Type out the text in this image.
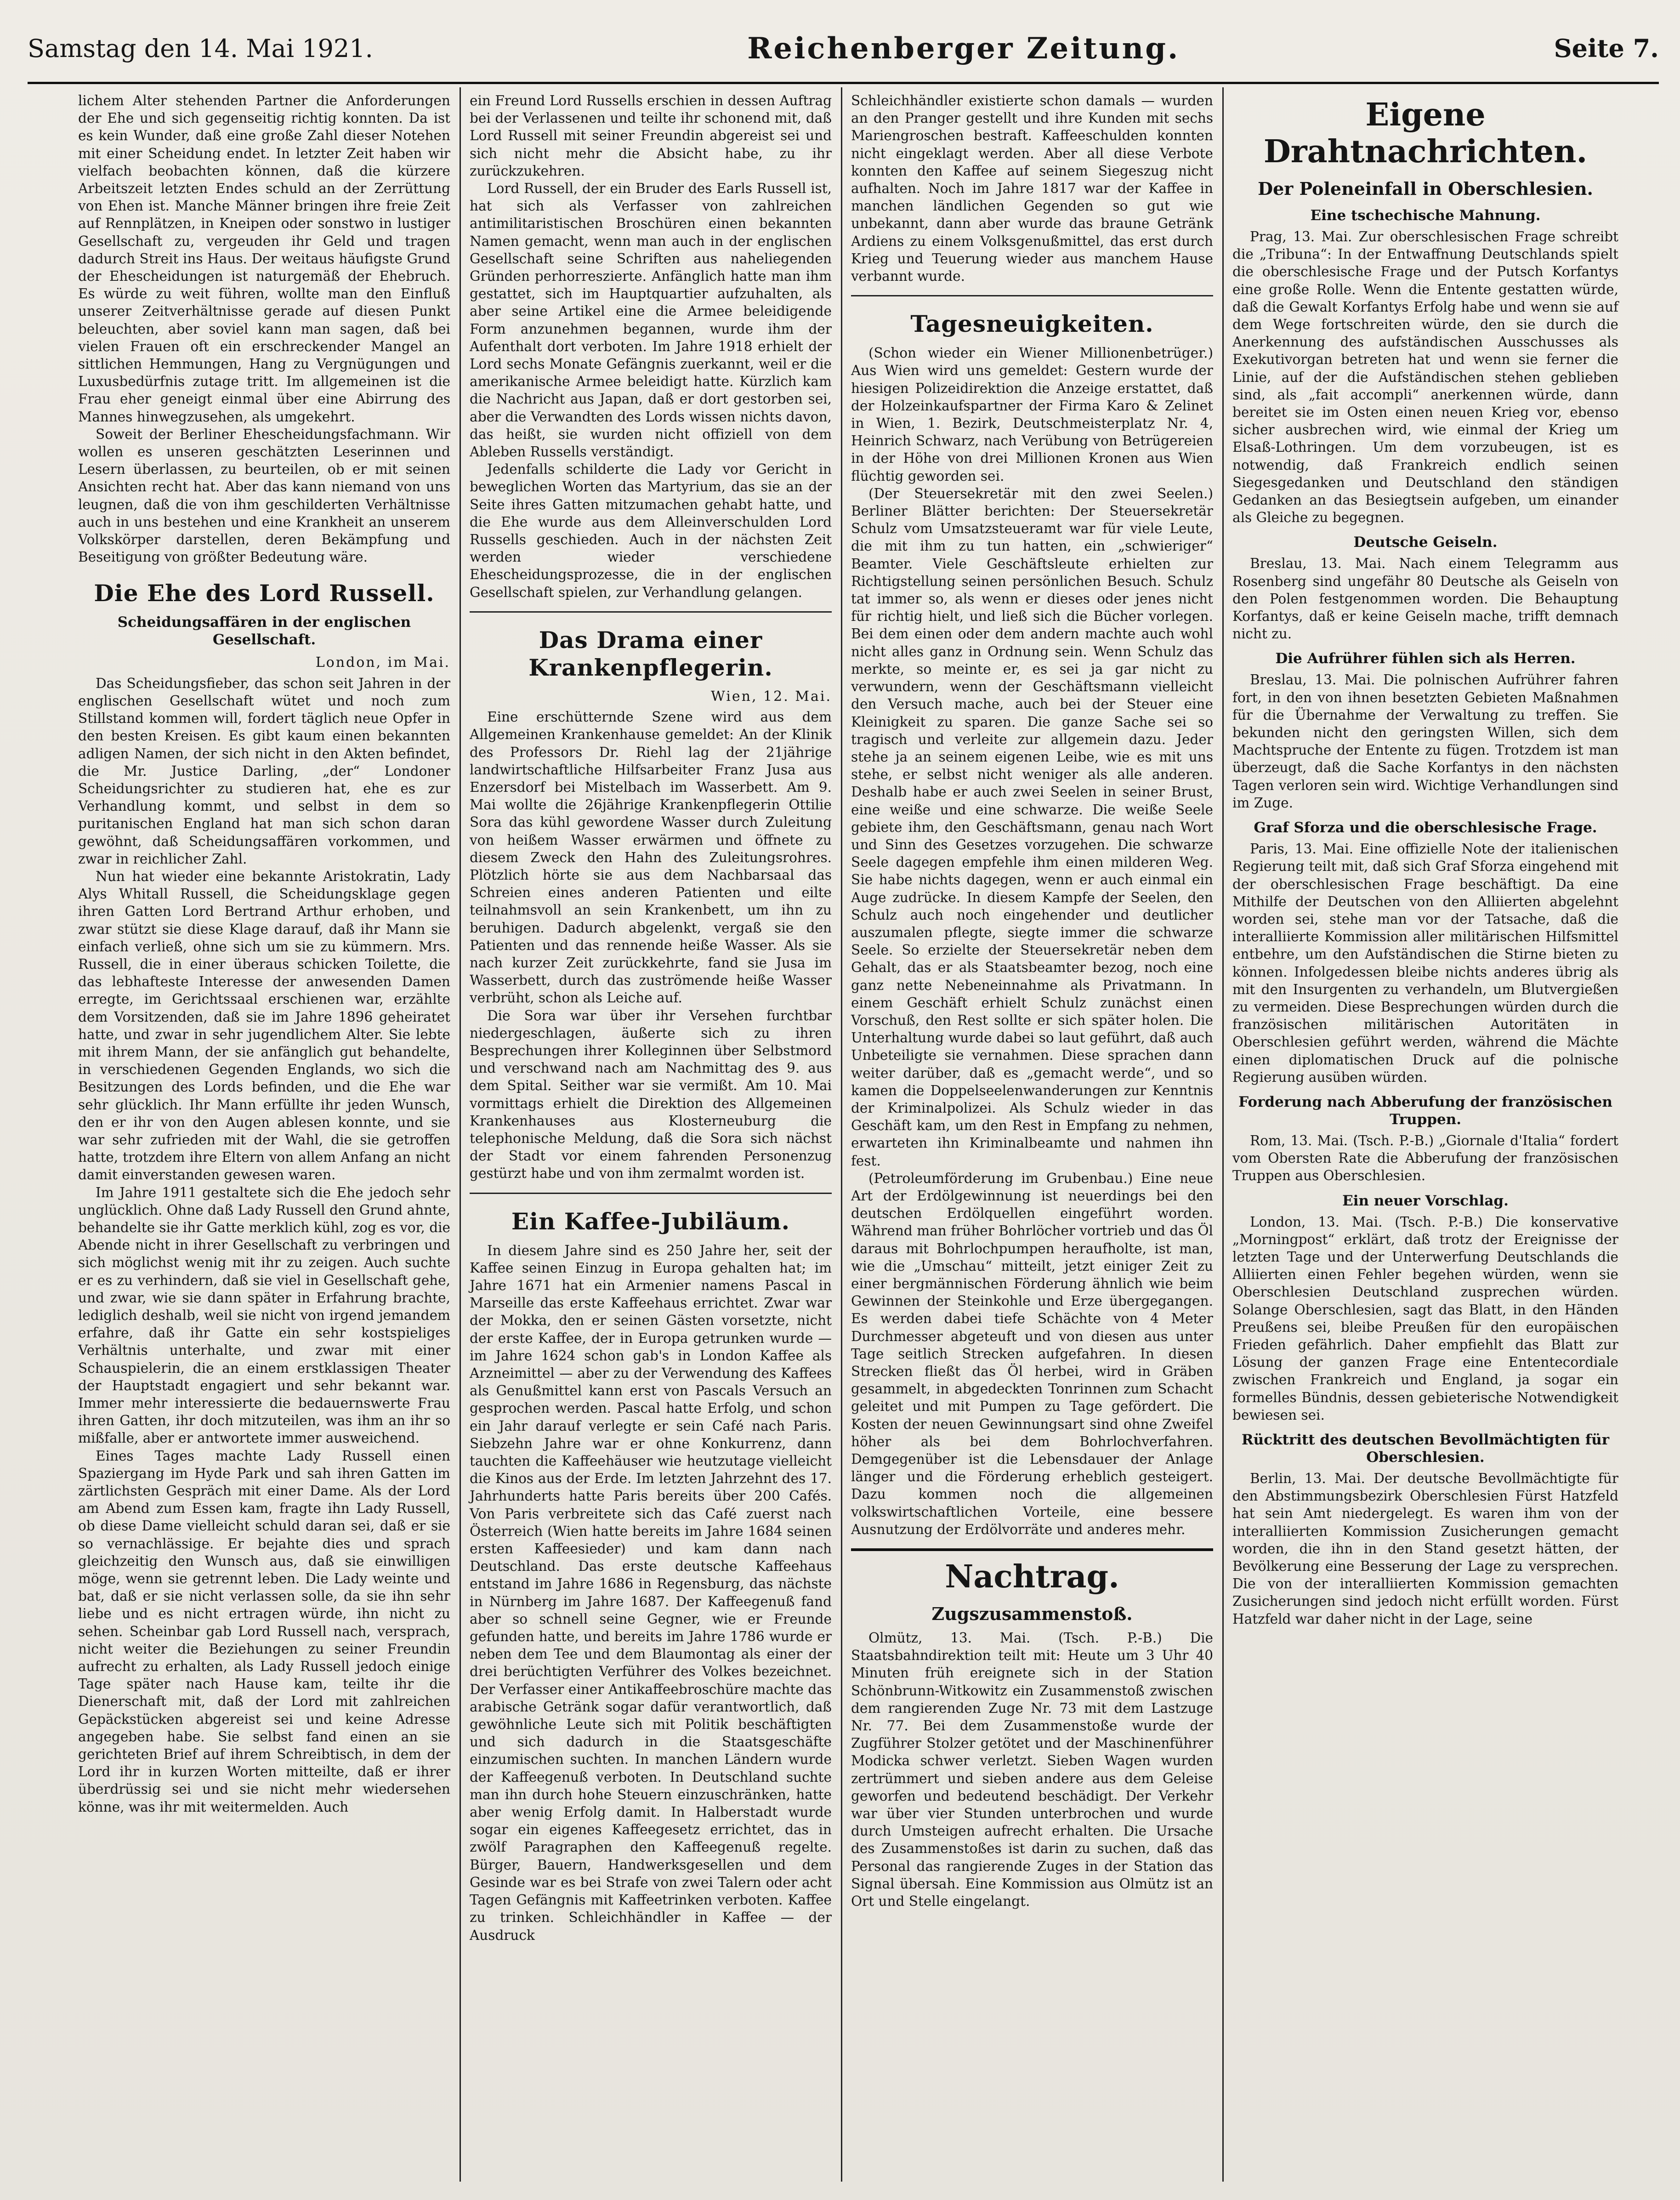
Samstag den 14. Mai 1921.	Reichenberger Zeitung.	Seite 7.

lichem Alter stehenden Partner die Anforderungen der Ehe und sich gegenseitig richtig konnten. Da ist es kein Wunder, daß eine große Zahl dieser Notehen mit einer Scheidung endet. In letzter Zeit haben wir vielfach beobachten können, daß die kürzere Arbeitszeit letzten Endes schuld an der Zerrüttung von Ehen ist. Manche Männer bringen ihre freie Zeit auf Rennplätzen, in Kneipen oder sonstwo in lustiger Gesellschaft zu, vergeuden ihr Geld und tragen dadurch Streit ins Haus. Der weitaus häufigste Grund der Ehescheidungen ist naturgemäß der Ehebruch. Es würde zu weit führen, wollte man den Einfluß unserer Zeitverhältnisse gerade auf diesen Punkt beleuchten, aber soviel kann man sagen, daß bei vielen Frauen oft ein erschreckender Mangel an sittlichen Hemmungen, Hang zu Vergnügungen und Luxusbedürfnis zutage tritt. Im allgemeinen ist die Frau eher geneigt einmal über eine Abirrung des Mannes hinwegzusehen, als umgekehrt.

Soweit der Berliner Ehescheidungsfachmann. Wir wollen es unseren geschätzten Leserinnen und Lesern überlassen, zu beurteilen, ob er mit seinen Ansichten recht hat. Aber das kann niemand von uns leugnen, daß die von ihm geschilderten Verhältnisse auch in uns bestehen und eine Krankheit an unserem Volkskörper darstellen, deren Bekämpfung und Beseitigung von größter Bedeutung wäre.

Die Ehe des Lord Russell.
Scheidungsaffären in der englischen Gesellschaft.
London, im Mai.

Das Scheidungsfieber, das schon seit Jahren in der englischen Gesellschaft wütet und noch zum Stillstand kommen will, fordert täglich neue Opfer in den besten Kreisen. Es gibt kaum einen bekannten adligen Namen, der sich nicht in den Akten befindet, die Mr. Justice Darling, „der“ Londoner Scheidungsrichter zu studieren hat, ehe es zur Verhandlung kommt, und selbst in dem so puritanischen England hat man sich schon daran gewöhnt, daß Scheidungsaffären vorkommen, und zwar in reichlicher Zahl.

Nun hat wieder eine bekannte Aristokratin, Lady Alys Whitall Russell, die Scheidungsklage gegen ihren Gatten Lord Bertrand Arthur erhoben, und zwar stützt sie diese Klage darauf, daß ihr Mann sie einfach verließ, ohne sich um sie zu kümmern. Mrs. Russell, die in einer überaus schicken Toilette, die das lebhafteste Interesse der anwesenden Damen erregte, im Gerichtssaal erschienen war, erzählte dem Vorsitzenden, daß sie im Jahre 1896 geheiratet hatte, und zwar in sehr jugendlichem Alter. Sie lebte mit ihrem Mann, der sie anfänglich gut behandelte, in verschiedenen Gegenden Englands, wo sich die Besitzungen des Lords befinden, und die Ehe war sehr glücklich. Ihr Mann erfüllte ihr jeden Wunsch, den er ihr von den Augen ablesen konnte, und sie war sehr zufrieden mit der Wahl, die sie getroffen hatte, trotzdem ihre Eltern von allem Anfang an nicht damit einverstanden gewesen waren.

Im Jahre 1911 gestaltete sich die Ehe jedoch sehr unglücklich. Ohne daß Lady Russell den Grund ahnte, behandelte sie ihr Gatte merklich kühl, zog es vor, die Abende nicht in ihrer Gesellschaft zu verbringen und sich möglichst wenig mit ihr zu zeigen. Auch suchte er es zu verhindern, daß sie viel in Gesellschaft gehe, und zwar, wie sie dann später in Erfahrung brachte, lediglich deshalb, weil sie nicht von irgend jemandem erfahre, daß ihr Gatte ein sehr kostspieliges Verhältnis unterhalte, und zwar mit einer Schauspielerin, die an einem erstklassigen Theater der Hauptstadt engagiert und sehr bekannt war. Immer mehr interessierte die bedauernswerte Frau ihren Gatten, ihr doch mitzuteilen, was ihm an ihr so mißfalle, aber er antwortete immer ausweichend.

Eines Tages machte Lady Russell einen Spaziergang im Hyde Park und sah ihren Gatten im zärtlichsten Gespräch mit einer Dame. Als der Lord am Abend zum Essen kam, fragte ihn Lady Russell, ob diese Dame vielleicht schuld daran sei, daß er sie so vernachlässige. Er bejahte dies und sprach gleichzeitig den Wunsch aus, daß sie einwilligen möge, wenn sie getrennt leben. Die Lady weinte und bat, daß er sie nicht verlassen solle, da sie ihn sehr liebe und es nicht ertragen würde, ihn nicht zu sehen. Scheinbar gab Lord Russell nach, versprach, nicht weiter die Beziehungen zu seiner Freundin aufrecht zu erhalten, als Lady Russell jedoch einige Tage später nach Hause kam, teilte ihr die Dienerschaft mit, daß der Lord mit zahlreichen Gepäckstücken abgereist sei und keine Adresse angegeben habe. Sie selbst fand einen an sie gerichteten Brief auf ihrem Schreibtisch, in dem der Lord ihr in kurzen Worten mitteilte, daß er ihrer überdrüssig sei und sie nicht mehr wiedersehen könne, was ihr mit weitermelden. Auch

ein Freund Lord Russells erschien in dessen Auftrag bei der Verlassenen und teilte ihr schonend mit, daß Lord Russell mit seiner Freundin abgereist sei und sich nicht mehr die Absicht habe, zu ihr zurückzukehren.

Lord Russell, der ein Bruder des Earls Russell ist, hat sich als Verfasser von zahlreichen antimilitaristischen Broschüren einen bekannten Namen gemacht, wenn man auch in der englischen Gesellschaft seine Schriften aus naheliegenden Gründen perhorreszierte. Anfänglich hatte man ihm gestattet, sich im Hauptquartier aufzuhalten, als aber seine Artikel eine die Armee beleidigende Form anzunehmen begannen, wurde ihm der Aufenthalt dort verboten. Im Jahre 1918 erhielt der Lord sechs Monate Gefängnis zuerkannt, weil er die amerikanische Armee beleidigt hatte. Kürzlich kam die Nachricht aus Japan, daß er dort gestorben sei, aber die Verwandten des Lords wissen nichts davon, das heißt, sie wurden nicht offiziell von dem Ableben Russells verständigt.

Jedenfalls schilderte die Lady vor Gericht in beweglichen Worten das Martyrium, das sie an der Seite ihres Gatten mitzumachen gehabt hatte, und die Ehe wurde aus dem Alleinverschulden Lord Russells geschieden. Auch in der nächsten Zeit werden wieder verschiedene Ehescheidungsprozesse, die in der englischen Gesellschaft spielen, zur Verhandlung gelangen.

Das Drama einer Krankenpflegerin.
Wien, 12. Mai.

Eine erschütternde Szene wird aus dem Allgemeinen Krankenhause gemeldet: An der Klinik des Professors Dr. Riehl lag der 21jährige landwirtschaftliche Hilfsarbeiter Franz Jusa aus Enzersdorf bei Mistelbach im Wasserbett. Am 9. Mai wollte die 26jährige Krankenpflegerin Ottilie Sora das kühl gewordene Wasser durch Zuleitung von heißem Wasser erwärmen und öffnete zu diesem Zweck den Hahn des Zuleitungsrohres. Plötzlich hörte sie aus dem Nachbarsaal das Schreien eines anderen Patienten und eilte teilnahmsvoll an sein Krankenbett, um ihn zu beruhigen. Dadurch abgelenkt, vergaß sie den Patienten und das rennende heiße Wasser. Als sie nach kurzer Zeit zurückkehrte, fand sie Jusa im Wasserbett, durch das zuströmende heiße Wasser verbrüht, schon als Leiche auf.

Die Sora war über ihr Versehen furchtbar niedergeschlagen, äußerte sich zu ihren Besprechungen ihrer Kolleginnen über Selbstmord und verschwand nach am Nachmittag des 9. aus dem Spital. Seither war sie vermißt. Am 10. Mai vormittags erhielt die Direktion des Allgemeinen Krankenhauses aus Klosterneuburg die telephonische Meldung, daß die Sora sich nächst der Stadt vor einem fahrenden Personenzug gestürzt habe und von ihm zermalmt worden ist.

Ein Kaffee-Jubiläum.

In diesem Jahre sind es 250 Jahre her, seit der Kaffee seinen Einzug in Europa gehalten hat; im Jahre 1671 hat ein Armenier namens Pascal in Marseille das erste Kaffeehaus errichtet. Zwar war der Mokka, den er seinen Gästen vorsetzte, nicht der erste Kaffee, der in Europa getrunken wurde — im Jahre 1624 schon gab's in London Kaffee als Arzneimittel — aber zu der Verwendung des Kaffees als Genußmittel kann erst von Pascals Versuch an gesprochen werden. Pascal hatte Erfolg, und schon ein Jahr darauf verlegte er sein Café nach Paris. Siebzehn Jahre war er ohne Konkurrenz, dann tauchten die Kaffeehäuser wie heutzutage vielleicht die Kinos aus der Erde. Im letzten Jahrzehnt des 17. Jahrhunderts hatte Paris bereits über 200 Cafés. Von Paris verbreitete sich das Café zuerst nach Österreich (Wien hatte bereits im Jahre 1684 seinen ersten Kaffeesieder) und kam dann nach Deutschland. Das erste deutsche Kaffeehaus entstand im Jahre 1686 in Regensburg, das nächste in Nürnberg im Jahre 1687. Der Kaffeegenuß fand aber so schnell seine Gegner, wie er Freunde gefunden hatte, und bereits im Jahre 1786 wurde er neben dem Tee und dem Blaumontag als einer der drei berüchtigten Verführer des Volkes bezeichnet. Der Verfasser einer Antikaffeebroschüre machte das arabische Getränk sogar dafür verantwortlich, daß gewöhnliche Leute sich mit Politik beschäftigten und sich dadurch in die Staatsgeschäfte einzumischen suchten. In manchen Ländern wurde der Kaffeegenuß verboten. In Deutschland suchte man ihn durch hohe Steuern einzuschränken, hatte aber wenig Erfolg damit. In Halberstadt wurde sogar ein eigenes Kaffeegesetz errichtet, das in zwölf Paragraphen den Kaffeegenuß regelte. Bürger, Bauern, Handwerksgesellen und dem Gesinde war es bei Strafe von zwei Talern oder acht Tagen Gefängnis mit Kaffeetrinken verboten. Kaffee zu trinken. Schleichhändler in Kaffee — der Ausdruck

Schleichhändler existierte schon damals — wurden an den Pranger gestellt und ihre Kunden mit sechs Mariengroschen bestraft. Kaffeeschulden konnten nicht eingeklagt werden. Aber all diese Verbote konnten den Kaffee auf seinem Siegeszug nicht aufhalten. Noch im Jahre 1817 war der Kaffee in manchen ländlichen Gegenden so gut wie unbekannt, dann aber wurde das braune Getränk Ardiens zu einem Volksgenußmittel, das erst durch Krieg und Teuerung wieder aus manchem Hause verbannt wurde.

Tagesneuigkeiten.

(Schon wieder ein Wiener Millionenbetrüger.) Aus Wien wird uns gemeldet: Gestern wurde der hiesigen Polizeidirektion die Anzeige erstattet, daß der Holzeinkaufspartner der Firma Karo & Zelinet in Wien, 1. Bezirk, Deutschmeisterplatz Nr. 4, Heinrich Schwarz, nach Verübung von Betrügereien in der Höhe von drei Millionen Kronen aus Wien flüchtig geworden sei.

(Der Steuersekretär mit den zwei Seelen.) Berliner Blätter berichten: Der Steuersekretär Schulz vom Umsatzsteueramt war für viele Leute, die mit ihm zu tun hatten, ein „schwieriger“ Beamter. Viele Geschäftsleute erhielten zur Richtigstellung seinen persönlichen Besuch. Schulz tat immer so, als wenn er dieses oder jenes nicht für richtig hielt, und ließ sich die Bücher vorlegen. Bei dem einen oder dem andern machte auch wohl nicht alles ganz in Ordnung sein. Wenn Schulz das merkte, so meinte er, es sei ja gar nicht zu verwundern, wenn der Geschäftsmann vielleicht den Versuch mache, auch bei der Steuer eine Kleinigkeit zu sparen. Die ganze Sache sei so tragisch und verleite zur allgemein dazu. Jeder stehe ja an seinem eigenen Leibe, wie es mit uns stehe, er selbst nicht weniger als alle anderen. Deshalb habe er auch zwei Seelen in seiner Brust, eine weiße und eine schwarze. Die weiße Seele gebiete ihm, den Geschäftsmann, genau nach Wort und Sinn des Gesetzes vorzugehen. Die schwarze Seele dagegen empfehle ihm einen milderen Weg. Sie habe nichts dagegen, wenn er auch einmal ein Auge zudrücke. In diesem Kampfe der Seelen, den Schulz auch noch eingehender und deutlicher auszumalen pflegte, siegte immer die schwarze Seele. So erzielte der Steuersekretär neben dem Gehalt, das er als Staatsbeamter bezog, noch eine ganz nette Nebeneinnahme als Privatmann. In einem Geschäft erhielt Schulz zunächst einen Vorschuß, den Rest sollte er sich später holen. Die Unterhaltung wurde dabei so laut geführt, daß auch Unbeteiligte sie vernahmen. Diese sprachen dann weiter darüber, daß es „gemacht werde“, und so kamen die Doppelseelenwanderungen zur Kenntnis der Kriminalpolizei. Als Schulz wieder in das Geschäft kam, um den Rest in Empfang zu nehmen, erwarteten ihn Kriminalbeamte und nahmen ihn fest.

(Petroleumförderung im Grubenbau.) Eine neue Art der Erdölgewinnung ist neuerdings bei den deutschen Erdölquellen eingeführt worden. Während man früher Bohrlöcher vortrieb und das Öl daraus mit Bohrlochpumpen heraufholte, ist man, wie die „Umschau“ mitteilt, jetzt einiger Zeit zu einer bergmännischen Förderung ähnlich wie beim Gewinnen der Steinkohle und Erze übergegangen. Es werden dabei tiefe Schächte von 4 Meter Durchmesser abgeteuft und von diesen aus unter Tage seitlich Strecken aufgefahren. In diesen Strecken fließt das Öl herbei, wird in Gräben gesammelt, in abgedeckten Tonrinnen zum Schacht geleitet und mit Pumpen zu Tage gefördert. Die Kosten der neuen Gewinnungsart sind ohne Zweifel höher als bei dem Bohrlochverfahren. Demgegenüber ist die Lebensdauer der Anlage länger und die Förderung erheblich gesteigert. Dazu kommen noch die allgemeinen volkswirtschaftlichen Vorteile, eine bessere Ausnutzung der Erdölvorräte und anderes mehr.

Nachtrag.
Zugszusammenstoß.

Olmütz, 13. Mai. (Tsch. P.-B.) Die Staatsbahndirektion teilt mit: Heute um 3 Uhr 40 Minuten früh ereignete sich in der Station Schönbrunn-Witkowitz ein Zusammenstoß zwischen dem rangierenden Zuge Nr. 73 mit dem Lastzuge Nr. 77. Bei dem Zusammenstoße wurde der Zugführer Stolzer getötet und der Maschinenführer Modicka schwer verletzt. Sieben Wagen wurden zertrümmert und sieben andere aus dem Geleise geworfen und bedeutend beschädigt. Der Verkehr war über vier Stunden unterbrochen und wurde durch Umsteigen aufrecht erhalten. Die Ursache des Zusammenstoßes ist darin zu suchen, daß das Personal das rangierende Zuges in der Station das Signal übersah. Eine Kommission aus Olmütz ist an Ort und Stelle eingelangt.

Eigene Drahtnachrichten.
Der Poleneinfall in Oberschlesien.
Eine tschechische Mahnung.

Prag, 13. Mai. Zur oberschlesischen Frage schreibt die „Tribuna“: In der Entwaffnung Deutschlands spielt die oberschlesische Frage und der Putsch Korfantys eine große Rolle. Wenn die Entente gestatten würde, daß die Gewalt Korfantys Erfolg habe und wenn sie auf dem Wege fortschreiten würde, den sie durch die Anerkennung des aufständischen Ausschusses als Exekutivorgan betreten hat und wenn sie ferner die Linie, auf der die Aufständischen stehen geblieben sind, als „fait accompli“ anerkennen würde, dann bereitet sie im Osten einen neuen Krieg vor, ebenso sicher ausbrechen wird, wie einmal der Krieg um Elsaß-Lothringen. Um dem vorzubeugen, ist es notwendig, daß Frankreich endlich seinen Siegesgedanken und Deutschland den ständigen Gedanken an das Besiegtsein aufgeben, um einander als Gleiche zu begegnen.

Deutsche Geiseln.

Breslau, 13. Mai. Nach einem Telegramm aus Rosenberg sind ungefähr 80 Deutsche als Geiseln von den Polen festgenommen worden. Die Behauptung Korfantys, daß er keine Geiseln mache, trifft demnach nicht zu.

Die Aufrührer fühlen sich als Herren.

Breslau, 13. Mai. Die polnischen Aufrührer fahren fort, in den von ihnen besetzten Gebieten Maßnahmen für die Übernahme der Verwaltung zu treffen. Sie bekunden nicht den geringsten Willen, sich dem Machtspruche der Entente zu fügen. Trotzdem ist man überzeugt, daß die Sache Korfantys in den nächsten Tagen verloren sein wird. Wichtige Verhandlungen sind im Zuge.

Graf Sforza und die oberschlesische Frage.

Paris, 13. Mai. Eine offizielle Note der italienischen Regierung teilt mit, daß sich Graf Sforza eingehend mit der oberschlesischen Frage beschäftigt. Da eine Mithilfe der Deutschen von den Alliierten abgelehnt worden sei, stehe man vor der Tatsache, daß die interalliierte Kommission aller militärischen Hilfsmittel entbehre, um den Aufständischen die Stirne bieten zu können. Infolgedessen bleibe nichts anderes übrig als mit den Insurgenten zu verhandeln, um Blutvergießen zu vermeiden. Diese Besprechungen würden durch die französischen militärischen Autoritäten in Oberschlesien geführt werden, während die Mächte einen diplomatischen Druck auf die polnische Regierung ausüben würden.

Forderung nach Abberufung der französischen Truppen.

Rom, 13. Mai. (Tsch. P.-B.) „Giornale d'Italia“ fordert vom Obersten Rate die Abberufung der französischen Truppen aus Oberschlesien.

Ein neuer Vorschlag.

London, 13. Mai. (Tsch. P.-B.) Die konservative „Morningpost“ erklärt, daß trotz der Ereignisse der letzten Tage und der Unterwerfung Deutschlands die Alliierten einen Fehler begehen würden, wenn sie Oberschlesien Deutschland zusprechen würden. Solange Oberschlesien, sagt das Blatt, in den Händen Preußens sei, bleibe Preußen für den europäischen Frieden gefährlich. Daher empfiehlt das Blatt zur Lösung der ganzen Frage eine Ententecordiale zwischen Frankreich und England, ja sogar ein formelles Bündnis, dessen gebieterische Notwendigkeit bewiesen sei.

Rücktritt des deutschen Bevollmächtigten für Oberschlesien.

Berlin, 13. Mai. Der deutsche Bevollmächtigte für den Abstimmungsbezirk Oberschlesien Fürst Hatzfeld hat sein Amt niedergelegt. Es waren ihm von der interalliierten Kommission Zusicherungen gemacht worden, die ihn in den Stand gesetzt hätten, der Bevölkerung eine Besserung der Lage zu versprechen. Die von der interalliierten Kommission gemachten Zusicherungen sind jedoch nicht erfüllt worden. Fürst Hatzfeld war daher nicht in der Lage, seine
